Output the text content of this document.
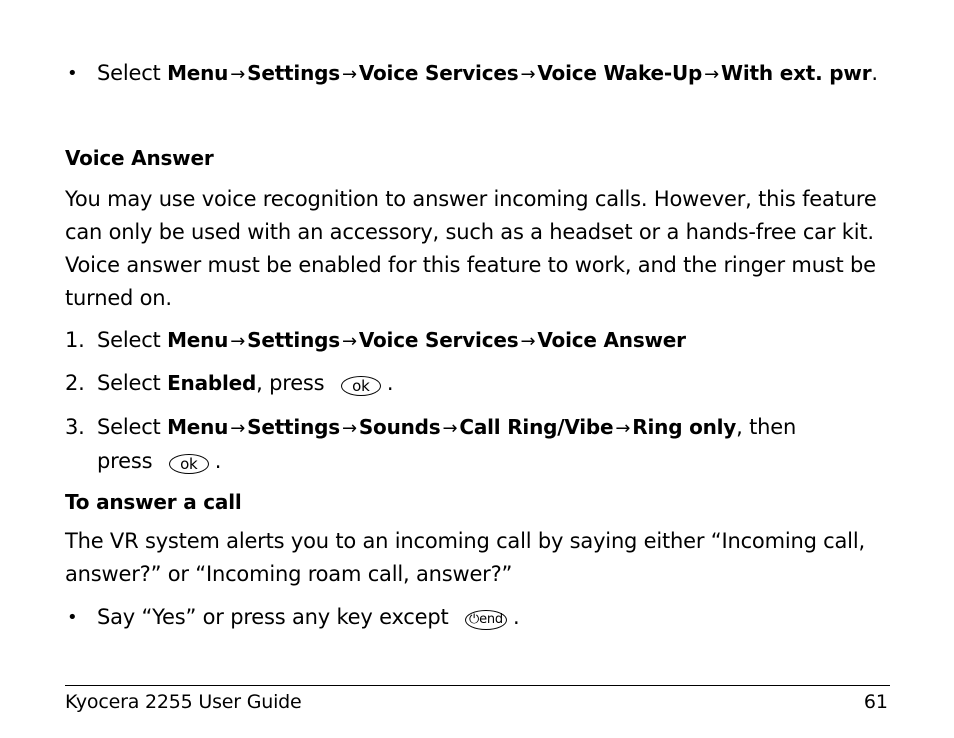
• Select Menu → Settings → Voice Services → Voice Wake-Up → With ext. pwr.
Voice Answer
You may use voice recognition to answer incoming calls. However, this feature can only be used with an accessory, such as a headset or a hands-free car kit. Voice answer must be enabled for this feature to work, and the ringer must be turned on.
1. Select Menu → Settings → Voice Services → Voice Answer
2. Select Enabled, press ok .
3. Select Menu → Settings → Sounds → Call Ring/Vibe → Ring only, then
press ok .
To answer a call
The VR system alerts you to an incoming call by saying either “Incoming call, answer?” or “Incoming roam call, answer?”
• Say “Yes” or press any key except ⏻end .
Kyocera 2255 User Guide	61
